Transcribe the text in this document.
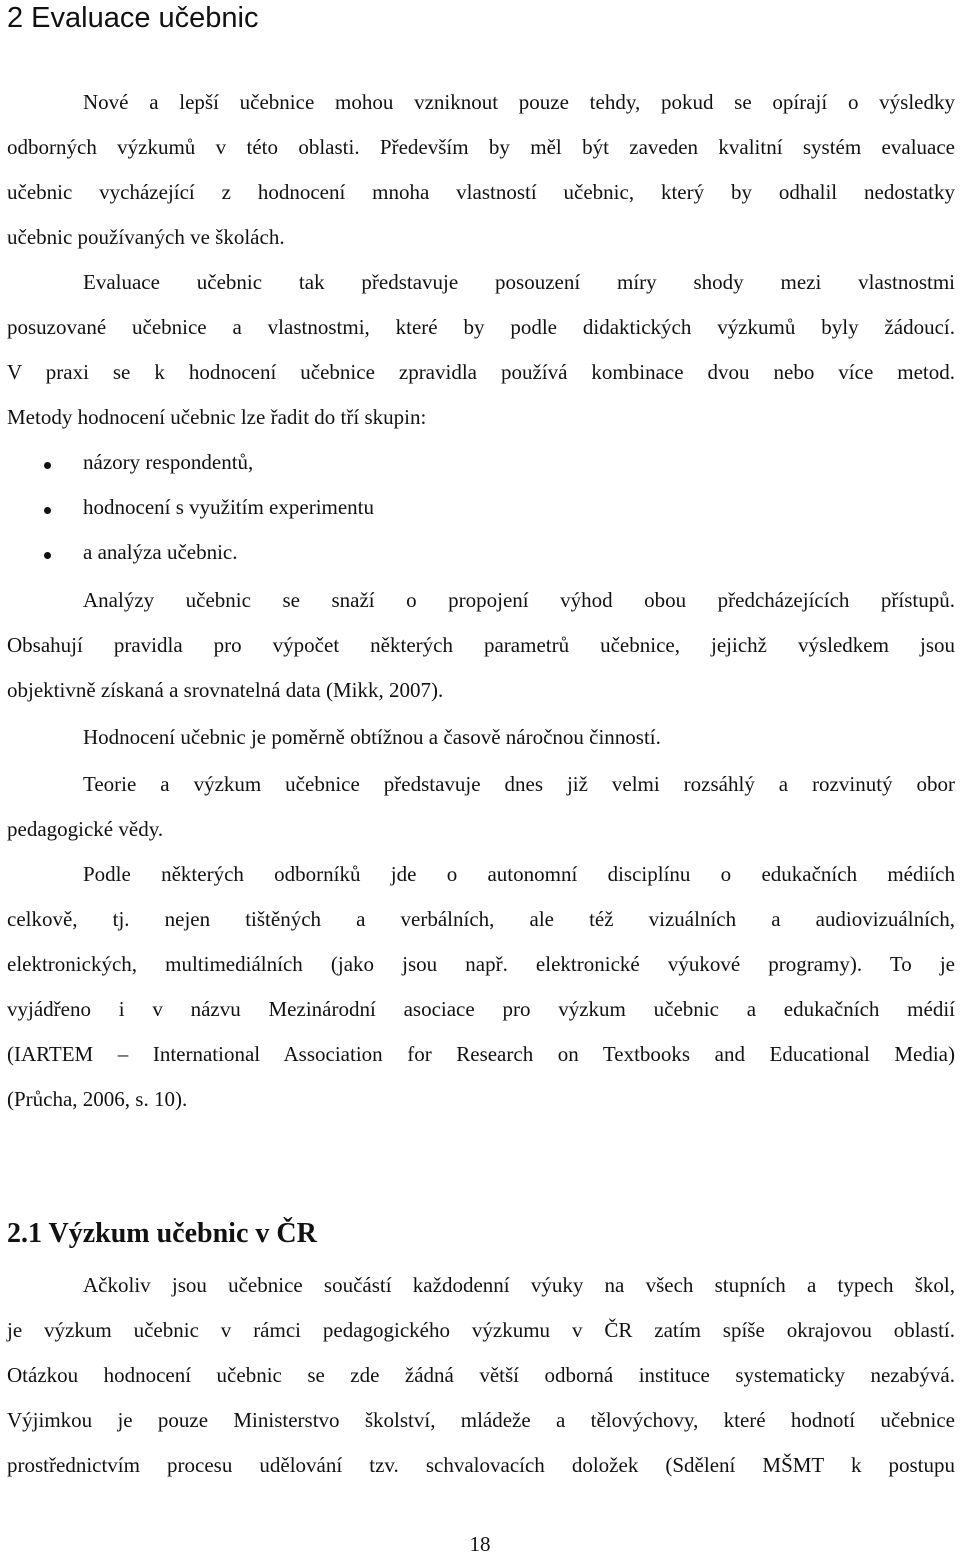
2 Evaluace učebnic
Nové a lepší učebnice mohou vzniknout pouze tehdy, pokud se opírají o výsledky
odborných výzkumů v této oblasti. Především by měl být zaveden kvalitní systém evaluace
učebnic vycházející z hodnocení mnoha vlastností učebnic, který by odhalil nedostatky
učebnic používaných ve školách.
Evaluace učebnic tak představuje posouzení míry shody mezi vlastnostmi
posuzované učebnice a vlastnostmi, které by podle didaktických výzkumů byly žádoucí.
V praxi se k hodnocení učebnice zpravidla používá kombinace dvou nebo více metod.
Metody hodnocení učebnic lze řadit do tří skupin:
názory respondentů,
hodnocení s využitím experimentu
a analýza učebnic.
Analýzy učebnic se snaží o propojení výhod obou předcházejících přístupů.
Obsahují pravidla pro výpočet některých parametrů učebnice, jejichž výsledkem jsou
objektivně získaná a srovnatelná data (Mikk, 2007).
Hodnocení učebnic je poměrně obtížnou a časově náročnou činností.
Teorie a výzkum učebnice představuje dnes již velmi rozsáhlý a rozvinutý obor
pedagogické vědy.
Podle některých odborníků jde o autonomní disciplínu o edukačních médiích
celkově, tj. nejen tištěných a verbálních, ale též vizuálních a audiovizuálních,
elektronických, multimediálních (jako jsou např. elektronické výukové programy). To je
vyjádřeno i v názvu Mezinárodní asociace pro výzkum učebnic a edukačních médií
(IARTEM – International Association for Research on Textbooks and Educational Media)
(Průcha, 2006, s. 10).
2.1 Výzkum učebnic v ČR
Ačkoliv jsou učebnice součástí každodenní výuky na všech stupních a typech škol,
je výzkum učebnic v rámci pedagogického výzkumu v ČR zatím spíše okrajovou oblastí.
Otázkou hodnocení učebnic se zde žádná větší odborná instituce systematicky nezabývá.
Výjimkou je pouze Ministerstvo školství, mládeže a tělovýchovy, které hodnotí učebnice
prostřednictvím procesu udělování tzv. schvalovacích doložek (Sdělení MŠMT k postupu
18
